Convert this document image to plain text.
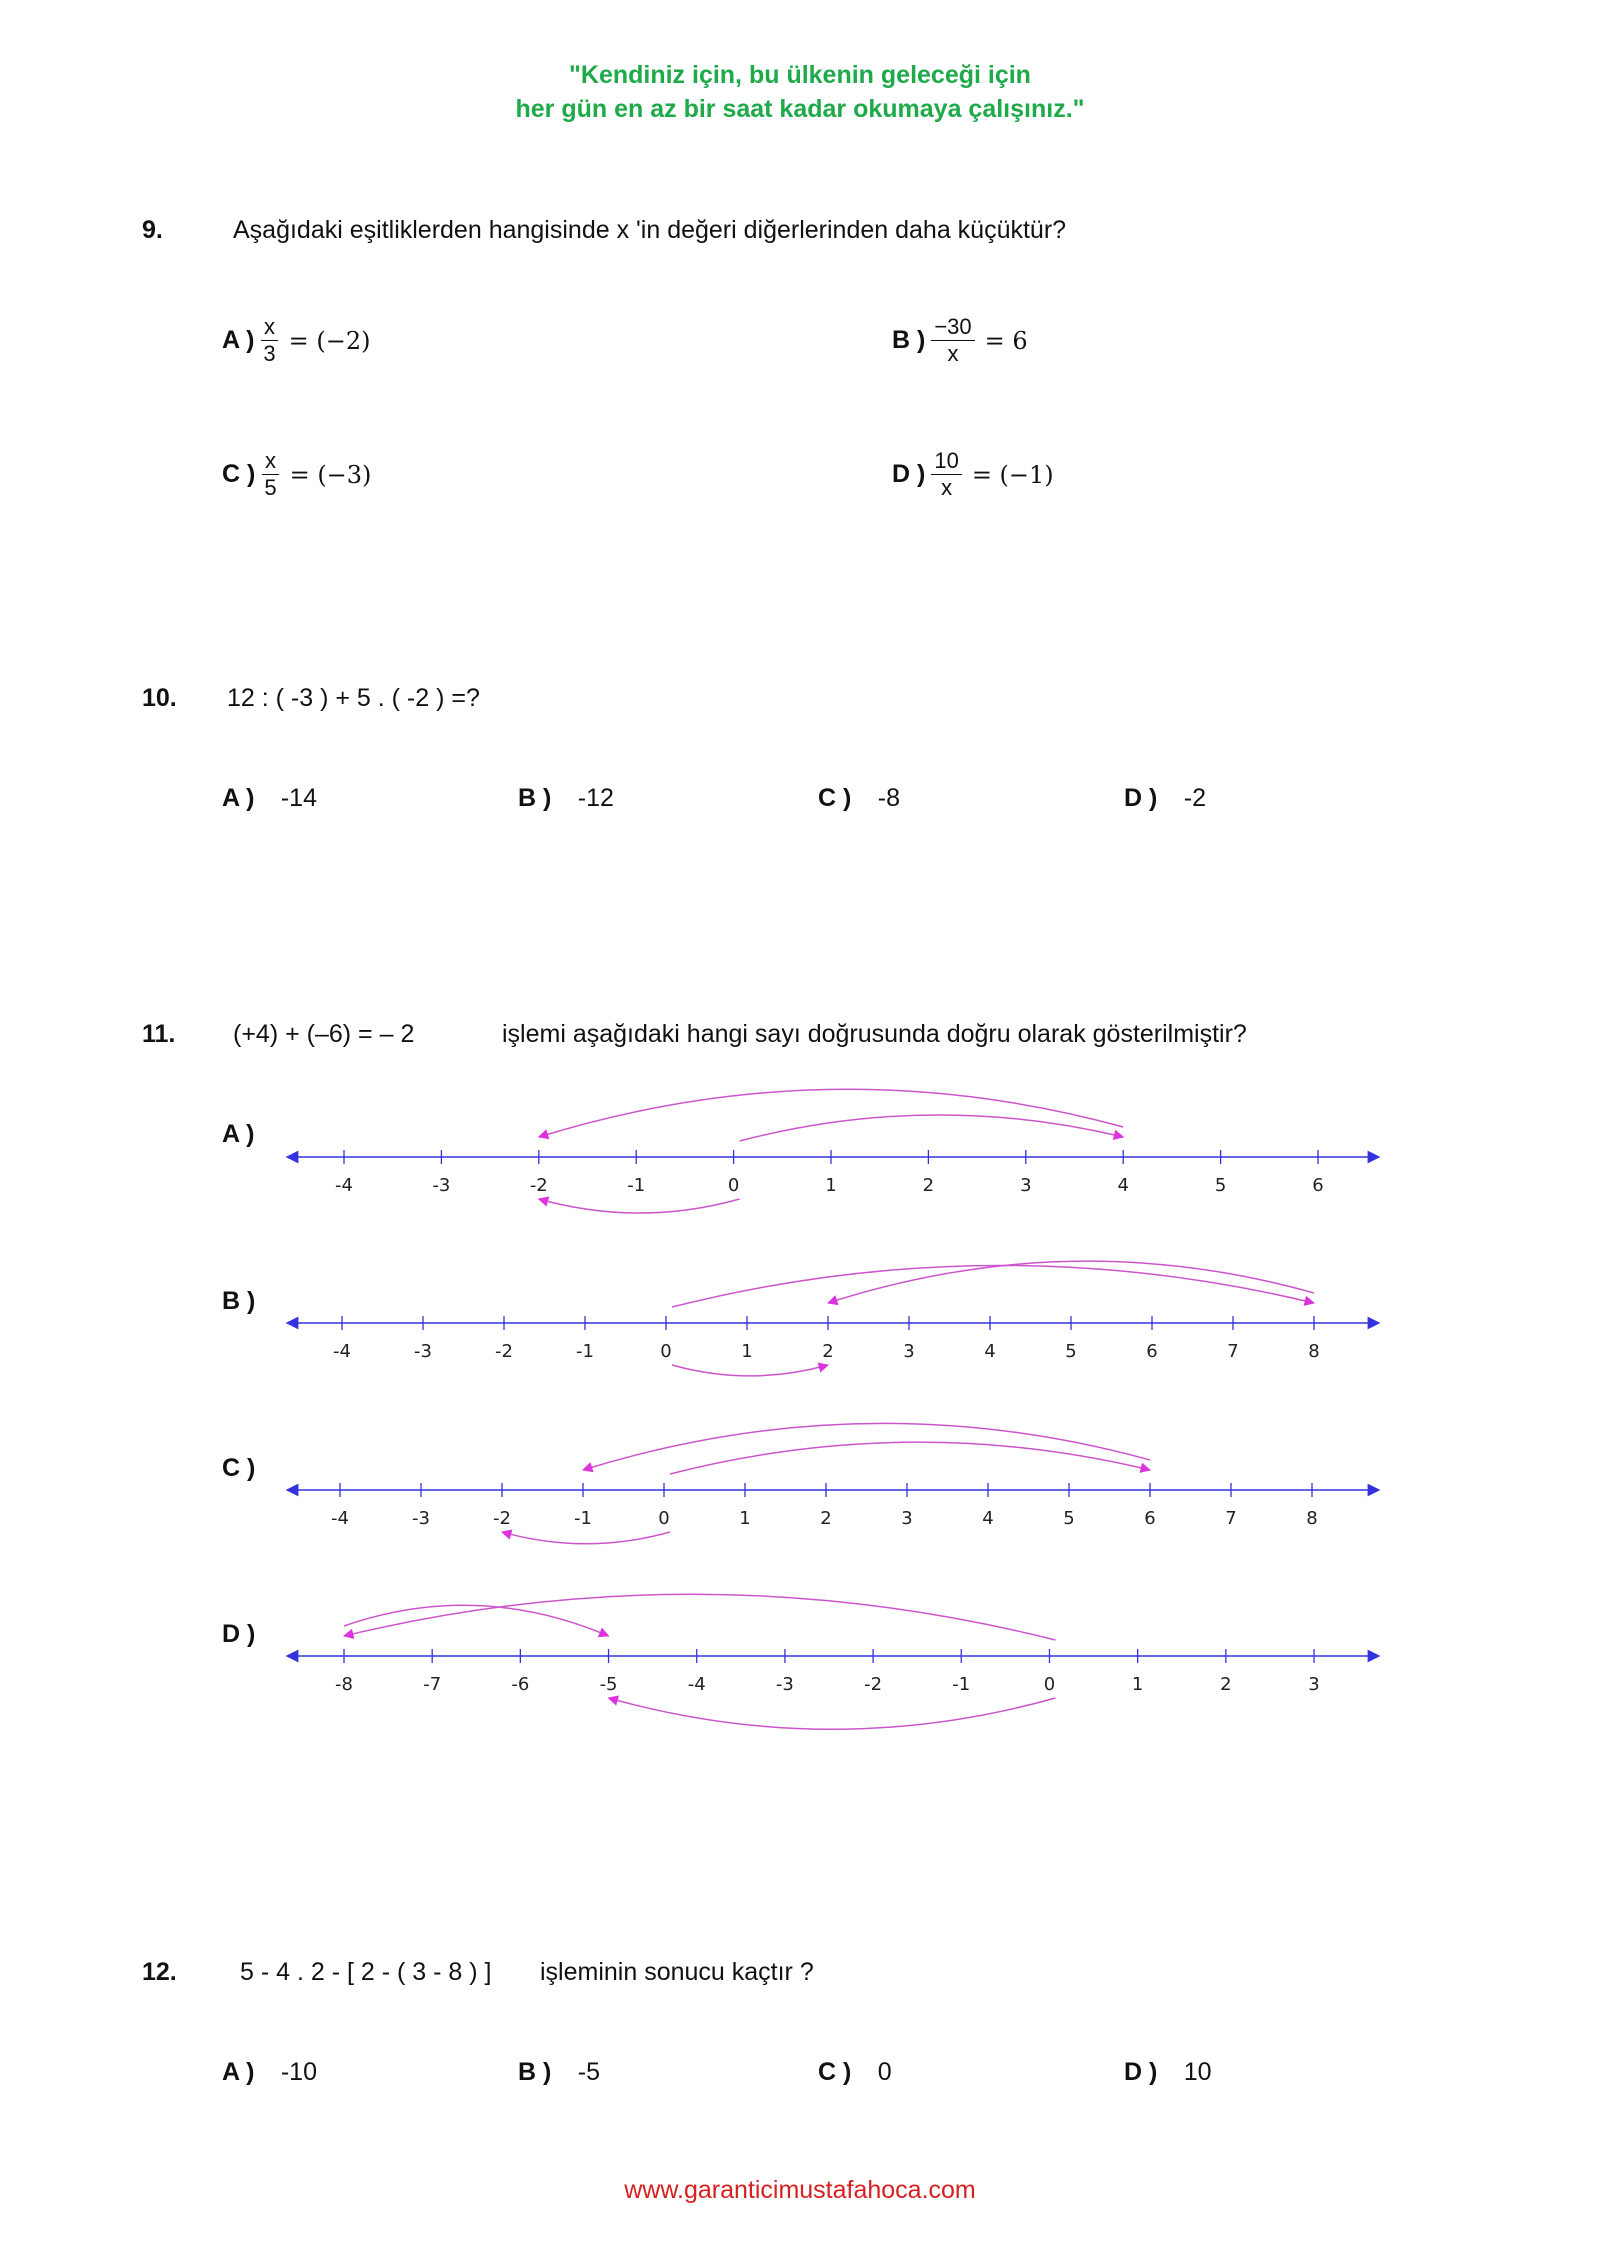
"Kendiniz için, bu ülkenin geleceği için
her gün en az bir saat kadar okumaya çalışınız."
9.	Aşağıdaki eşitliklerden hangisinde x 'in değeri diğerlerinden daha küçüktür?
A ) $\frac{x}{3} = (-2)$	B ) $\frac{-30}{x} = 6$
C ) $\frac{x}{5} = (-3)$	D ) $\frac{10}{x} = (-1)$
10. 12 : ( -3 ) + 5 . ( -2 ) =?
A ) -14	B ) -12	C ) -8	D ) -2
11. (+4) + (–6) = – 2	işlemi aşağıdaki hangi sayı doğrusunda doğru olarak gösterilmiştir?
A )
B )
C )
D )
-4	-3	-2	-1	0	1	2	3	4	5	6
-4	-3	-2	-1	0	1	2	3	4	5	6	7	8
-4	-3	-2	-1	0	1	2	3	4	5	6	7	8
-8	-7	-6	-5	-4	-3	-2	-1	0	1	2	3
12.	5 - 4 . 2 - [ 2 - ( 3 - 8 ) ] işleminin sonucu kaçtır ?
A ) -10	B ) -5	C ) 0	D ) 10
www.garanticimustafahoca.com
